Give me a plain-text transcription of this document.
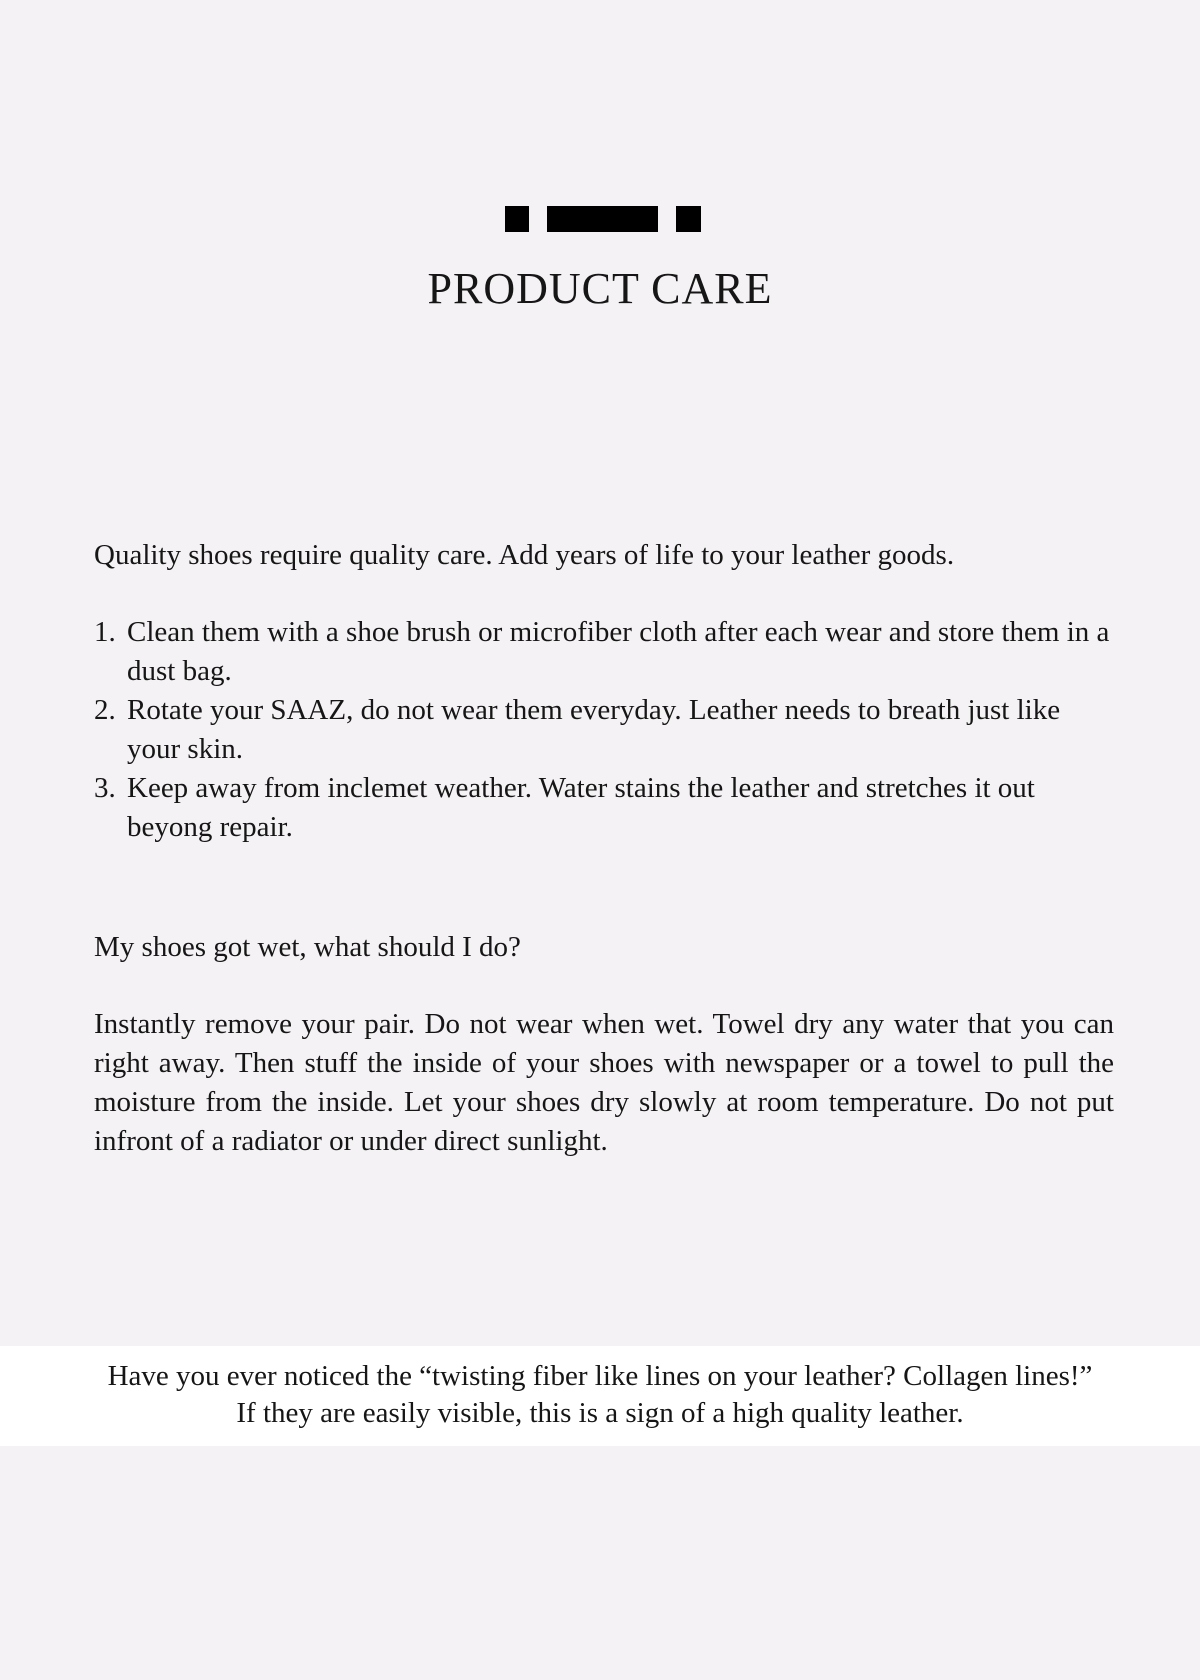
PRODUCT CARE

Quality shoes require quality care. Add years of life to your leather goods.

1. Clean them with a shoe brush or microfiber cloth after each wear and store them in a dust bag.
2. Rotate your SAAZ, do not wear them everyday. Leather needs to breath just like your skin.
3. Keep away from inclemet weather. Water stains the leather and stretches it out beyong repair.

My shoes got wet, what should I do?

Instantly remove your pair. Do not wear when wet. Towel dry any water that you can right away. Then stuff the inside of your shoes with newspaper or a towel to pull the moisture from the inside. Let your shoes dry slowly at room temperature. Do not put infront of a radiator or under direct sunlight.

Have you ever noticed the “twisting fiber like lines on your leather? Collagen lines!”

If they are easily visible, this is a sign of a high quality leather.
